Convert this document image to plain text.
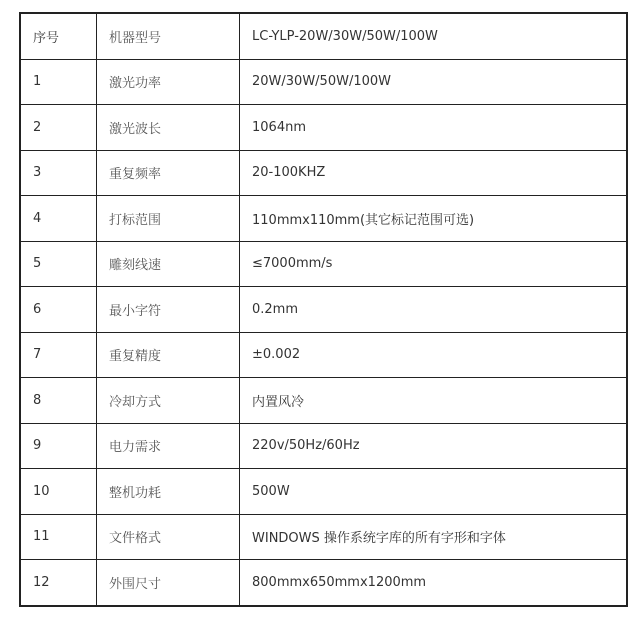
序号	机器型号	LC-YLP-20W/30W/50W/100W
1	激光功率	20W/30W/50W/100W
2	激光波长	1064nm
3	重复频率	20-100KHZ
4	打标范围	110mmx110mm(其它标记范围可选)
5	雕刻线速	≤7000mm/s
6	最小字符	0.2mm
7	重复精度	±0.002
8	冷却方式	内置风冷
9	电力需求	220v/50Hz/60Hz
10	整机功耗	500W
11	文件格式	WINDOWS 操作系统字库的所有字形和字体
12	外围尺寸	800mmx650mmx1200mm
